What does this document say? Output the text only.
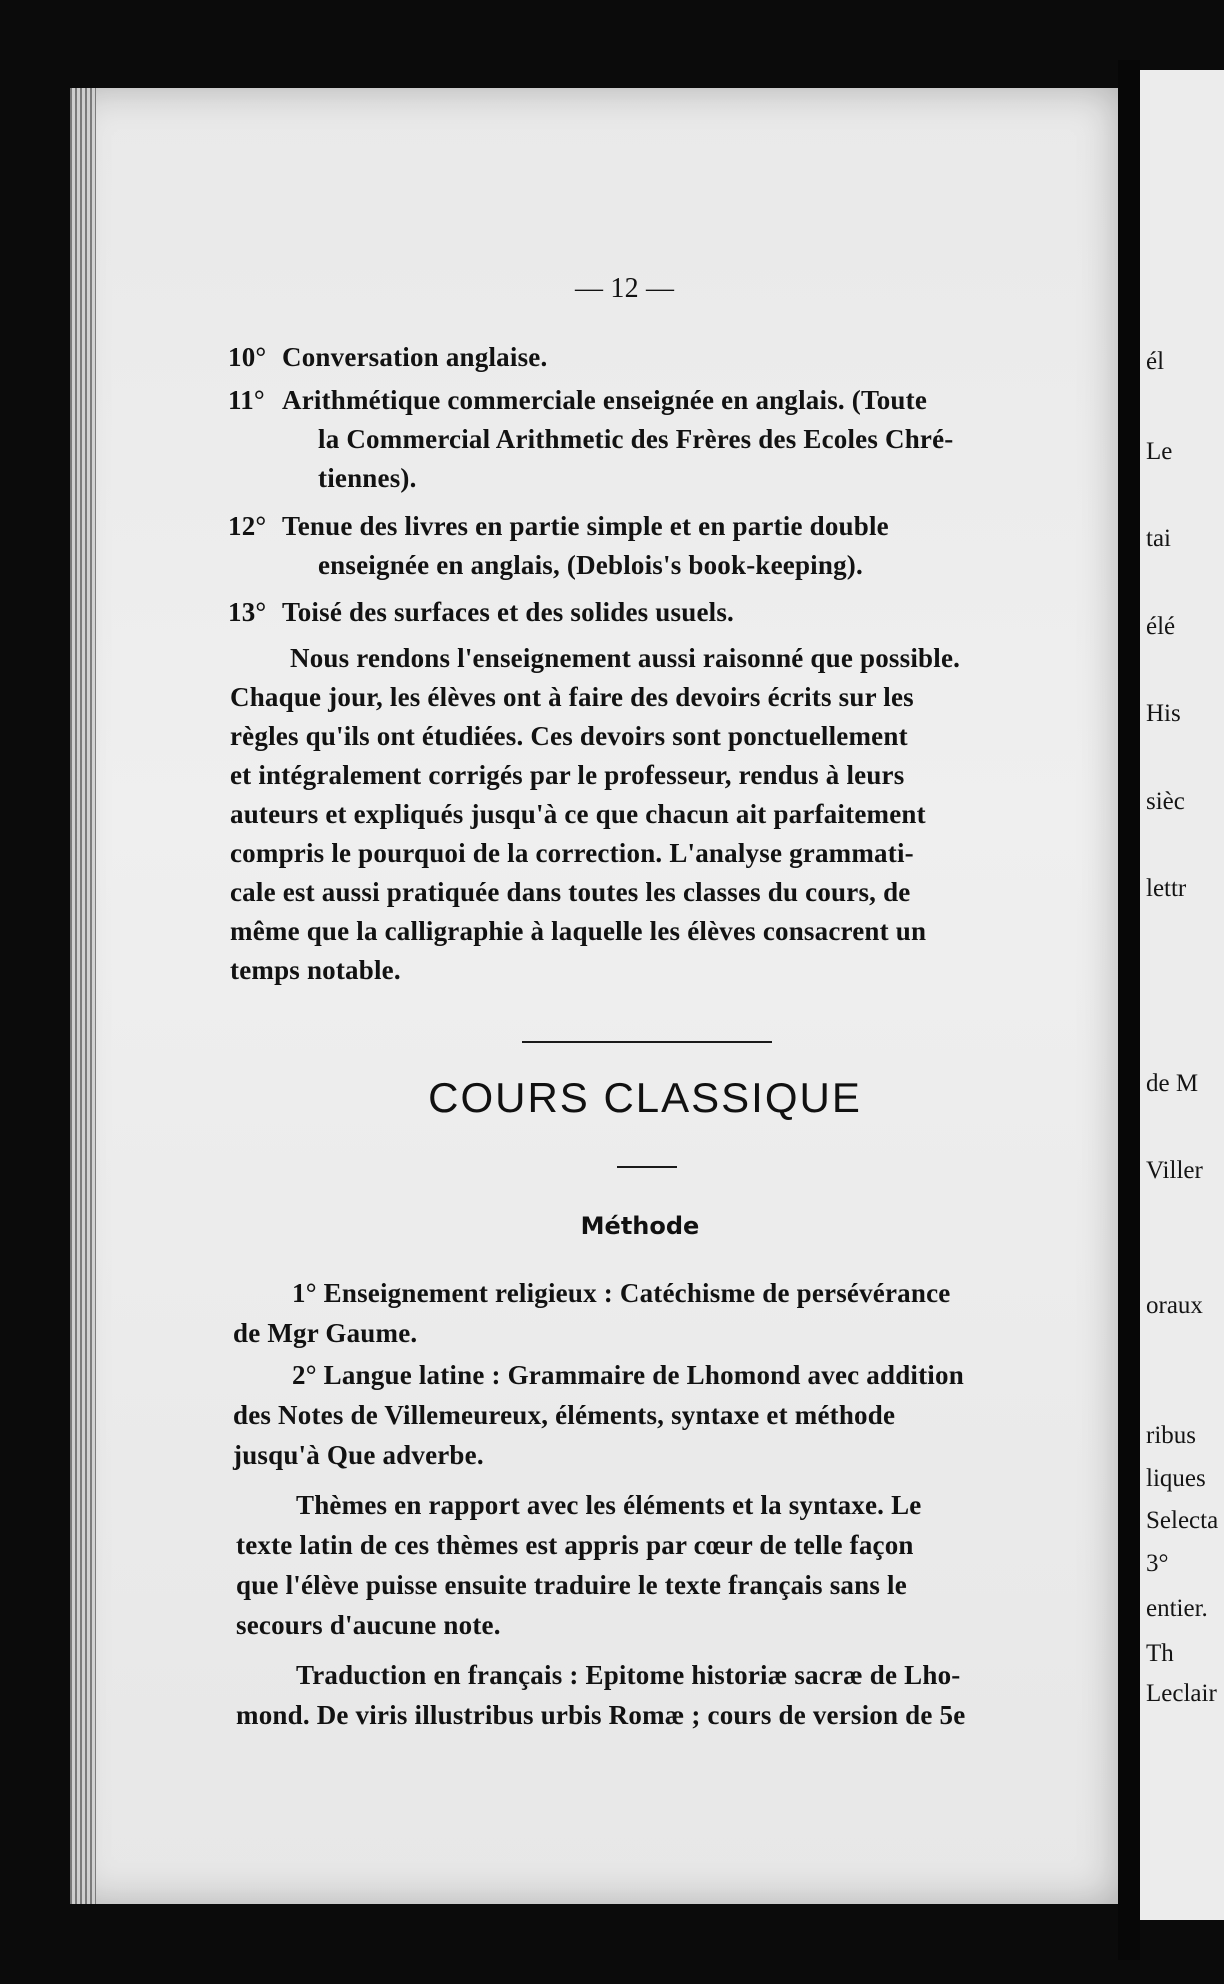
él
Le
tai
élé
His
sièc
lettr
de M
Viller
oraux
ribus
liques
Selecta
3°
entier.
Th
Leclair
— 12 —
10° Conversation anglaise.
11° Arithmétique commerciale enseignée en anglais. (Toute
la Commercial Arithmetic des Frères des Ecoles Chré-
tiennes).
12° Tenue des livres en partie simple et en partie double
enseignée en anglais, (Deblois's book-keeping).
13° Toisé des surfaces et des solides usuels.
Nous rendons l'enseignement aussi raisonné que possible.
Chaque jour, les élèves ont à faire des devoirs écrits sur les
règles qu'ils ont étudiées. Ces devoirs sont ponctuellement
et intégralement corrigés par le professeur, rendus à leurs
auteurs et expliqués jusqu'à ce que chacun ait parfaitement
compris le pourquoi de la correction. L'analyse grammati-
cale est aussi pratiquée dans toutes les classes du cours, de
même que la calligraphie à laquelle les élèves consacrent un
temps notable.
COURS CLASSIQUE
Méthode
1° Enseignement religieux : Catéchisme de persévérance
de Mgr Gaume.
2° Langue latine : Grammaire de Lhomond avec addition
des Notes de Villemeureux, éléments, syntaxe et méthode
jusqu'à Que adverbe.
Thèmes en rapport avec les éléments et la syntaxe. Le
texte latin de ces thèmes est appris par cœur de telle façon
que l'élève puisse ensuite traduire le texte français sans le
secours d'aucune note.
Traduction en français : Epitome historiæ sacræ de Lho-
mond. De viris illustribus urbis Romæ ; cours de version de 5e
